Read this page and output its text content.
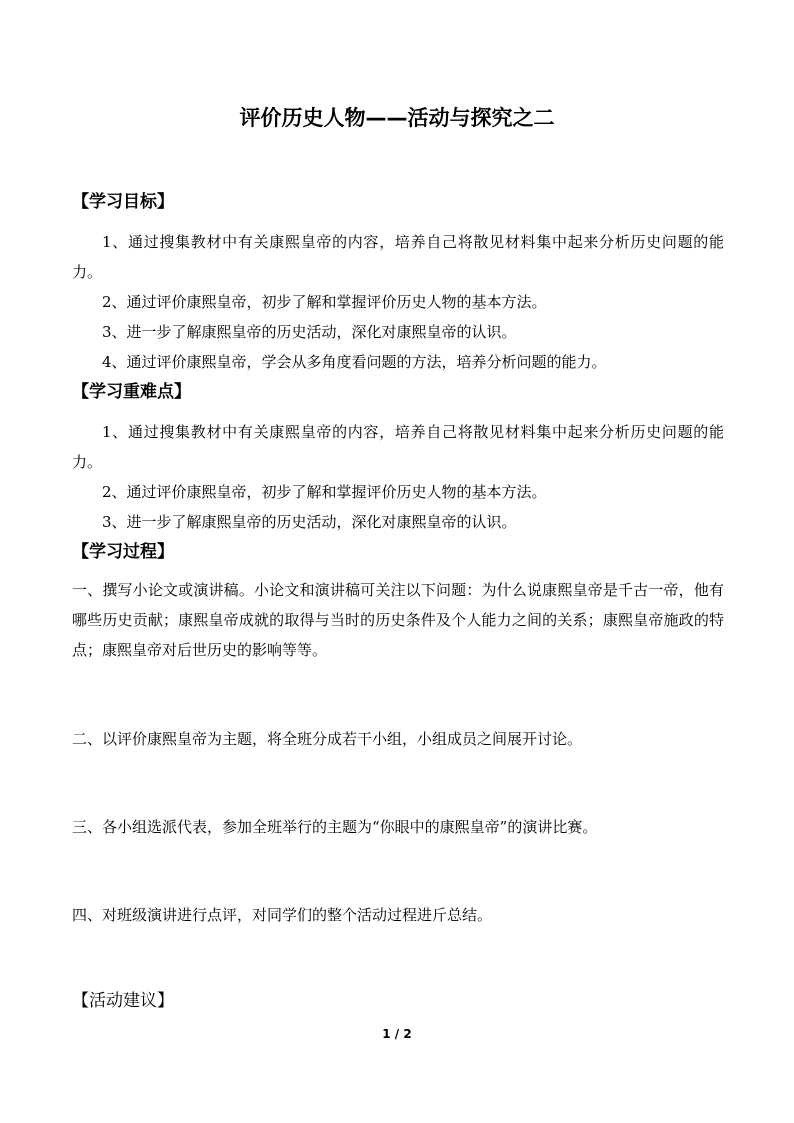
评价历史人物——活动与探究之二
【学习目标】
1、通过搜集教材中有关康熙皇帝的内容，培养自己将散见材料集中起来分析历史问题的能力。
2、通过评价康熙皇帝，初步了解和掌握评价历史人物的基本方法。
3、进一步了解康熙皇帝的历史活动，深化对康熙皇帝的认识。
4、通过评价康熙皇帝，学会从多角度看问题的方法，培养分析问题的能力。
【学习重难点】
1、通过搜集教材中有关康熙皇帝的内容，培养自己将散见材料集中起来分析历史问题的能力。
2、通过评价康熙皇帝，初步了解和掌握评价历史人物的基本方法。
3、进一步了解康熙皇帝的历史活动，深化对康熙皇帝的认识。
【学习过程】
一、撰写小论文或演讲稿。小论文和演讲稿可关注以下问题：为什么说康熙皇帝是千古一帝，他有哪些历史贡献；康熙皇帝成就的取得与当时的历史条件及个人能力之间的关系；康熙皇帝施政的特点；康熙皇帝对后世历史的影响等等。
二、以评价康熙皇帝为主题，将全班分成若干小组，小组成员之间展开讨论。
三、各小组选派代表，参加全班举行的主题为“你眼中的康熙皇帝”的演讲比赛。
四、对班级演讲进行点评，对同学们的整个活动过程进斤总结。
【活动建议】
1 / 2
